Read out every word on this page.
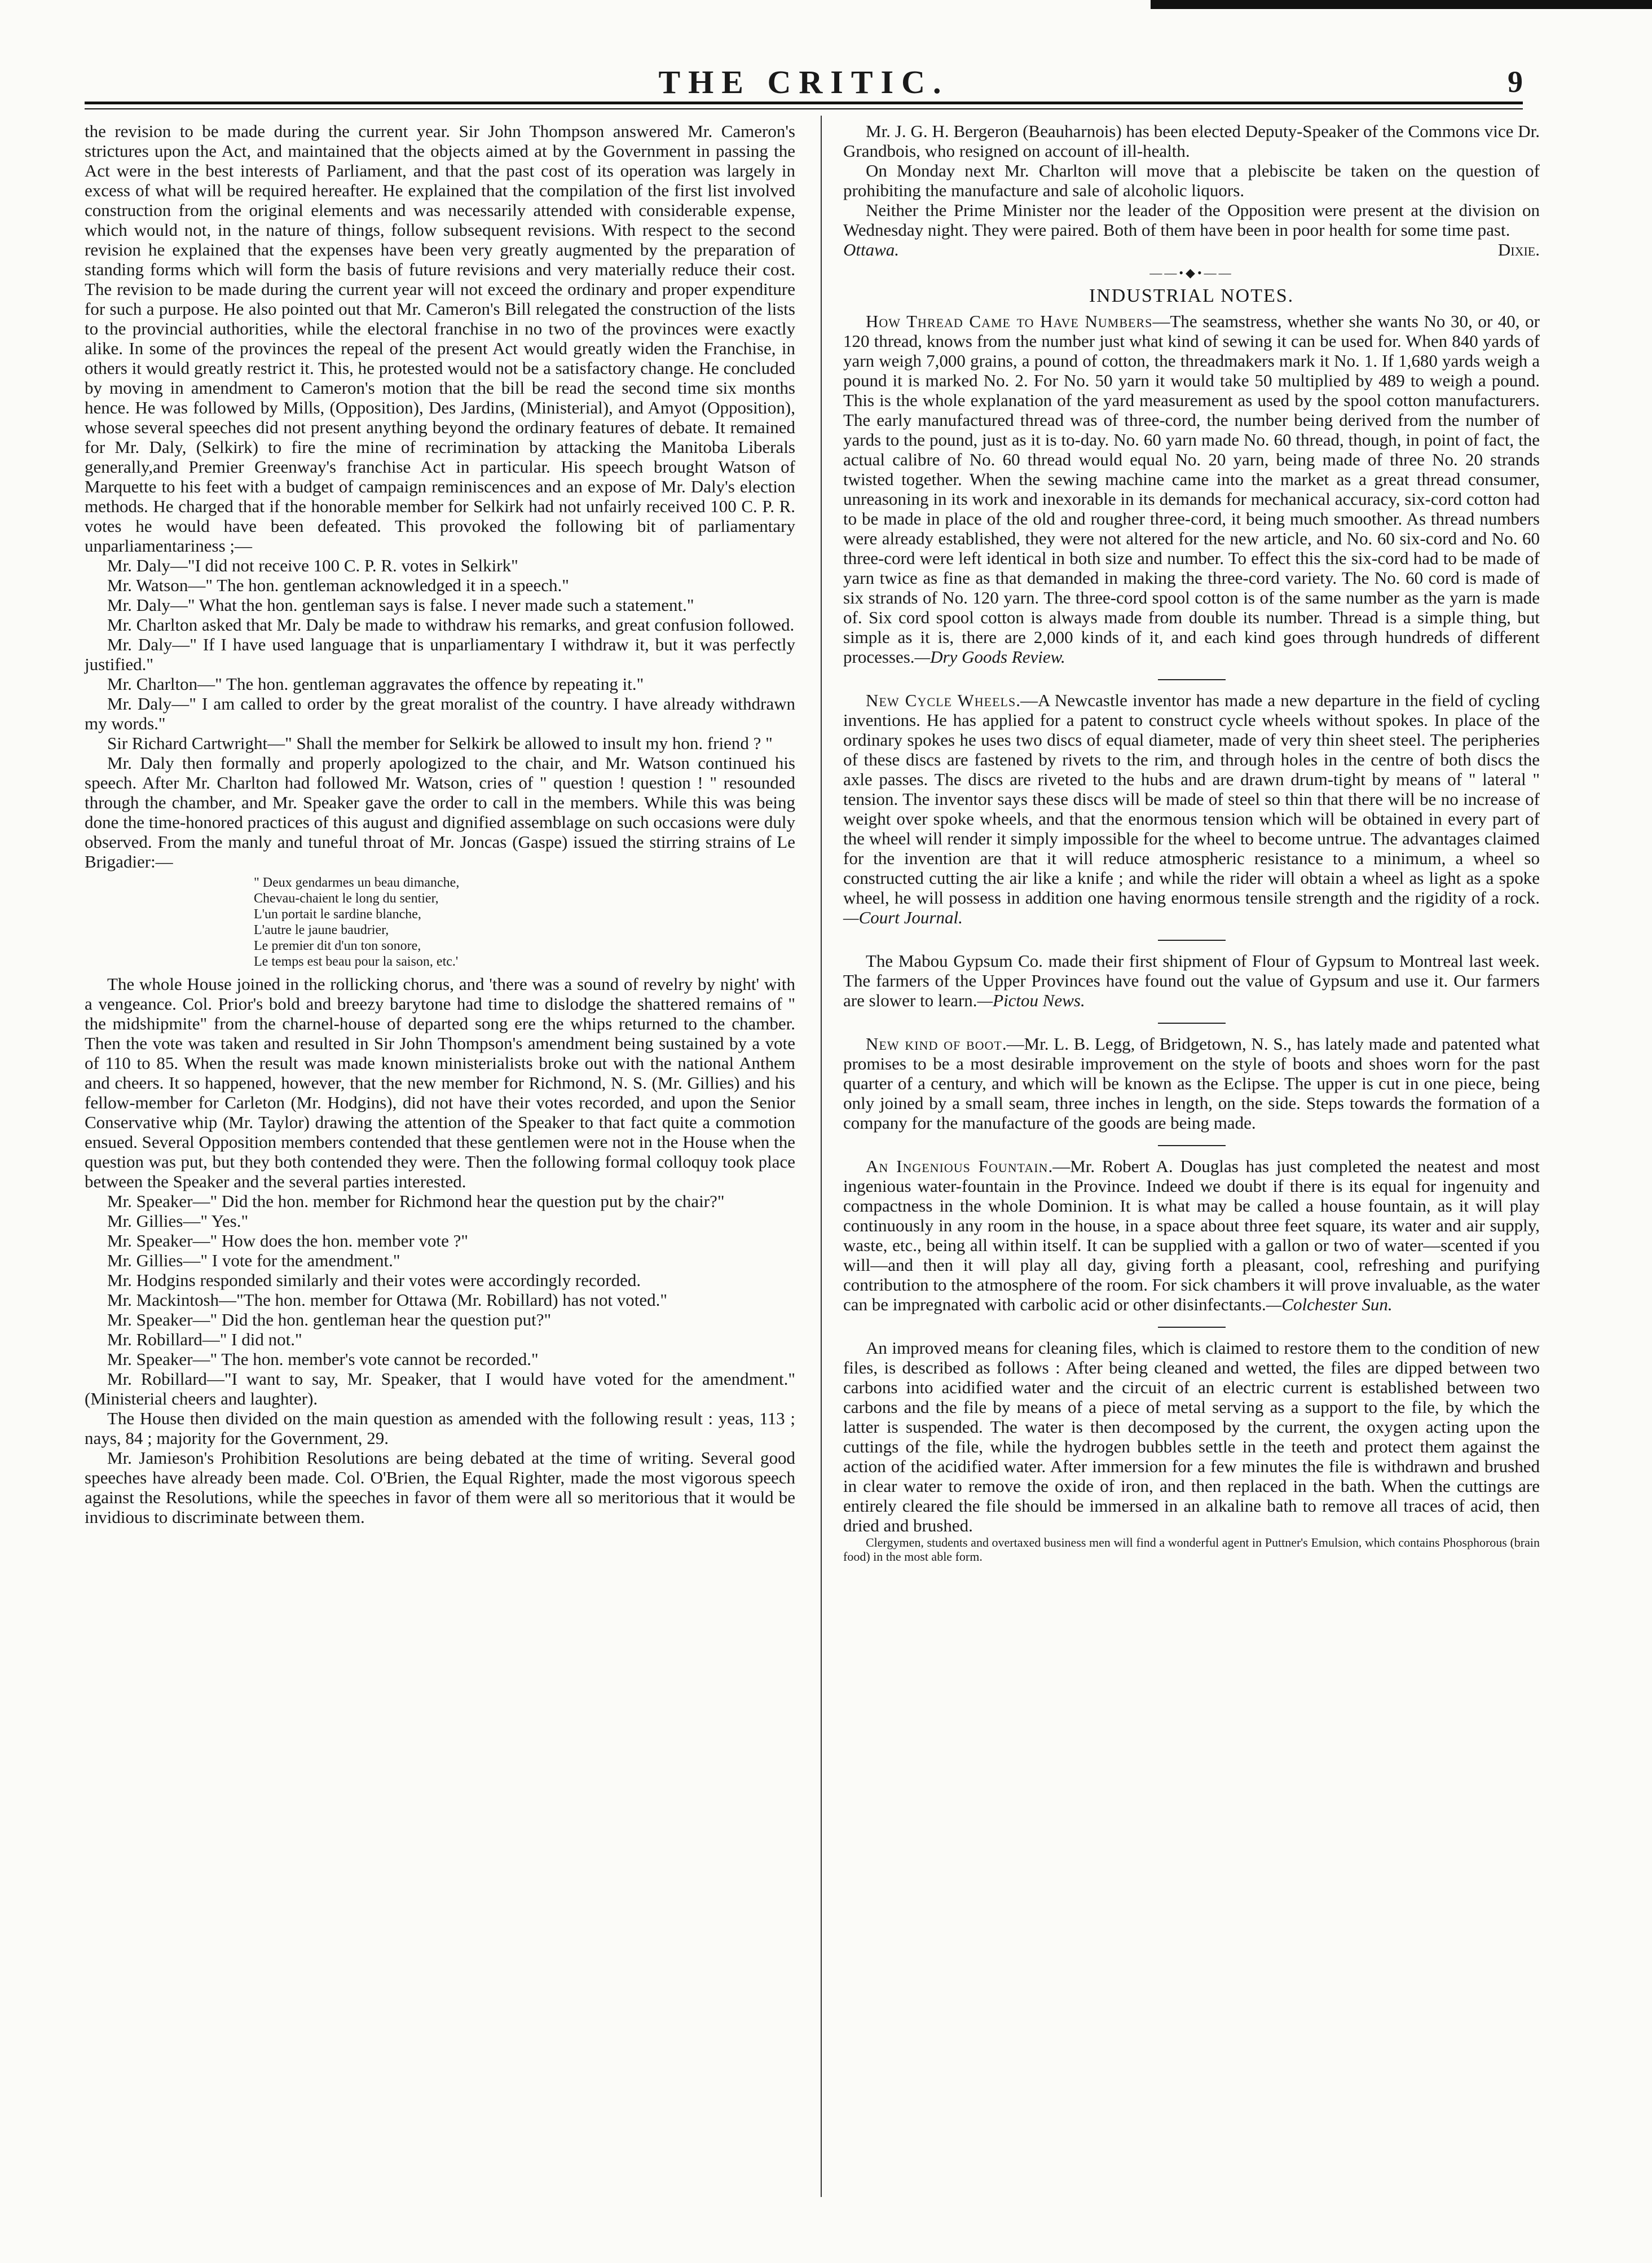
THE CRITIC.	9

the revision to be made during the current year. Sir John Thompson answered Mr. Cameron's strictures upon the Act, and maintained that the objects aimed at by the Government in passing the Act were in the best interests of Parliament, and that the past cost of its operation was largely in excess of what will be required hereafter. He explained that the compilation of the first list involved construction from the original elements and was necessarily attended with considerable expense, which would not, in the nature of things, follow subsequent revisions. With respect to the second revision he explained that the expenses have been very greatly augmented by the preparation of standing forms which will form the basis of future revisions and very materially reduce their cost. The revision to be made during the current year will not exceed the ordinary and proper expenditure for such a purpose. He also pointed out that Mr. Cameron's Bill relegated the construction of the lists to the provincial authorities, while the electoral franchise in no two of the provinces were exactly alike. In some of the provinces the repeal of the present Act would greatly widen the Franchise, in others it would greatly restrict it. This, he protested would not be a satisfactory change. He concluded by moving in amendment to Cameron's motion that the bill be read the second time six months hence. He was followed by Mills, (Opposition), Des Jardins, (Ministerial), and Amyot (Opposition), whose several speeches did not present anything beyond the ordinary features of debate. It remained for Mr. Daly, (Selkirk) to fire the mine of recrimination by attacking the Manitoba Liberals generally,and Premier Greenway's franchise Act in particular. His speech brought Watson of Marquette to his feet with a budget of campaign reminiscences and an expose of Mr. Daly's election methods. He charged that if the honorable member for Selkirk had not unfairly received 100 C. P. R. votes he would have been defeated. This provoked the following bit of parliamentary unparliamentariness ;—

Mr. Daly—"I did not receive 100 C. P. R. votes in Selkirk"

Mr. Watson—" The hon. gentleman acknowledged it in a speech."

Mr. Daly—" What the hon. gentleman says is false. I never made such a statement."

Mr. Charlton asked that Mr. Daly be made to withdraw his remarks, and great confusion followed.

Mr. Daly—" If I have used language that is unparliamentary I withdraw it, but it was perfectly justified."

Mr. Charlton—" The hon. gentleman aggravates the offence by repeating it."

Mr. Daly—" I am called to order by the great moralist of the country. I have already withdrawn my words."

Sir Richard Cartwright—" Shall the member for Selkirk be allowed to insult my hon. friend ? "

Mr. Daly then formally and properly apologized to the chair, and Mr. Watson continued his speech. After Mr. Charlton had followed Mr. Watson, cries of " question ! question ! " resounded through the chamber, and Mr. Speaker gave the order to call in the members. While this was being done the time-honored practices of this august and dignified assemblage on such occasions were duly observed. From the manly and tuneful throat of Mr. Joncas (Gaspe) issued the stirring strains of Le Brigadier:—

" Deux gendarmes un beau dimanche,
Chevau-chaient le long du sentier,
L'un portait le sardine blanche,
L'autre le jaune baudrier,
Le premier dit d'un ton sonore,
Le temps est beau pour la saison, etc.'

The whole House joined in the rollicking chorus, and 'there was a sound of revelry by night' with a vengeance. Col. Prior's bold and breezy barytone had time to dislodge the shattered remains of " the midshipmite" from the charnel-house of departed song ere the whips returned to the chamber. Then the vote was taken and resulted in Sir John Thompson's amendment being sustained by a vote of 110 to 85. When the result was made known ministerialists broke out with the national Anthem and cheers. It so happened, however, that the new member for Richmond, N. S. (Mr. Gillies) and his fellow-member for Carleton (Mr. Hodgins), did not have their votes recorded, and upon the Senior Conservative whip (Mr. Taylor) drawing the attention of the Speaker to that fact quite a commotion ensued. Several Opposition members contended that these gentlemen were not in the House when the question was put, but they both contended they were. Then the following formal colloquy took place between the Speaker and the several parties interested.

Mr. Speaker—" Did the hon. member for Richmond hear the question put by the chair?"

Mr. Gillies—" Yes."

Mr. Speaker—" How does the hon. member vote ?"

Mr. Gillies—" I vote for the amendment."

Mr. Hodgins responded similarly and their votes were accordingly recorded.

Mr. Mackintosh—"The hon. member for Ottawa (Mr. Robillard) has not voted."

Mr. Speaker—" Did the hon. gentleman hear the question put?"

Mr. Robillard—" I did not."

Mr. Speaker—" The hon. member's vote cannot be recorded."

Mr. Robillard—"I want to say, Mr. Speaker, that I would have voted for the amendment." (Ministerial cheers and laughter).

The House then divided on the main question as amended with the following result : yeas, 113 ; nays, 84 ; majority for the Government, 29.

Mr. Jamieson's Prohibition Resolutions are being debated at the time of writing. Several good speeches have already been made. Col. O'Brien, the Equal Righter, made the most vigorous speech against the Resolutions, while the speeches in favor of them were all so meritorious that it would be invidious to discriminate between them.

Mr. J. G. H. Bergeron (Beauharnois) has been elected Deputy-Speaker of the Commons vice Dr. Grandbois, who resigned on account of ill-health.

On Monday next Mr. Charlton will move that a plebiscite be taken on the question of prohibiting the manufacture and sale of alcoholic liquors.

Neither the Prime Minister nor the leader of the Opposition were present at the division on Wednesday night. They were paired. Both of them have been in poor health for some time past.

Ottawa.	Dixie.
——•◆•——
INDUSTRIAL NOTES.

How Thread Came to Have Numbers—The seamstress, whether she wants No 30, or 40, or 120 thread, knows from the number just what kind of sewing it can be used for. When 840 yards of yarn weigh 7,000 grains, a pound of cotton, the threadmakers mark it No. 1. If 1,680 yards weigh a pound it is marked No. 2. For No. 50 yarn it would take 50 multiplied by 489 to weigh a pound. This is the whole explanation of the yard measurement as used by the spool cotton manufacturers. The early manufactured thread was of three-cord, the number being derived from the number of yards to the pound, just as it is to-day. No. 60 yarn made No. 60 thread, though, in point of fact, the actual calibre of No. 60 thread would equal No. 20 yarn, being made of three No. 20 strands twisted together. When the sewing machine came into the market as a great thread consumer, unreasoning in its work and inexorable in its demands for mechanical accuracy, six-cord cotton had to be made in place of the old and rougher three-cord, it being much smoother. As thread numbers were already established, they were not altered for the new article, and No. 60 six-cord and No. 60 three-cord were left identical in both size and number. To effect this the six-cord had to be made of yarn twice as fine as that demanded in making the three-cord variety. The No. 60 cord is made of six strands of No. 120 yarn. The three-cord spool cotton is of the same number as the yarn is made of. Six cord spool cotton is always made from double its number. Thread is a simple thing, but simple as it is, there are 2,000 kinds of it, and each kind goes through hundreds of different processes.—Dry Goods Review.

New Cycle Wheels.—A Newcastle inventor has made a new departure in the field of cycling inventions. He has applied for a patent to construct cycle wheels without spokes. In place of the ordinary spokes he uses two discs of equal diameter, made of very thin sheet steel. The peripheries of these discs are fastened by rivets to the rim, and through holes in the centre of both discs the axle passes. The discs are riveted to the hubs and are drawn drum-tight by means of " lateral " tension. The inventor says these discs will be made of steel so thin that there will be no increase of weight over spoke wheels, and that the enormous tension which will be obtained in every part of the wheel will render it simply impossible for the wheel to become untrue. The advantages claimed for the invention are that it will reduce atmospheric resistance to a minimum, a wheel so constructed cutting the air like a knife ; and while the rider will obtain a wheel as light as a spoke wheel, he will possess in addition one having enormous tensile strength and the rigidity of a rock.—Court Journal.

The Mabou Gypsum Co. made their first shipment of Flour of Gypsum to Montreal last week. The farmers of the Upper Provinces have found out the value of Gypsum and use it. Our farmers are slower to learn.—Pictou News.

New kind of boot.—Mr. L. B. Legg, of Bridgetown, N. S., has lately made and patented what promises to be a most desirable improvement on the style of boots and shoes worn for the past quarter of a century, and which will be known as the Eclipse. The upper is cut in one piece, being only joined by a small seam, three inches in length, on the side. Steps towards the formation of a company for the manufacture of the goods are being made.

An Ingenious Fountain.—Mr. Robert A. Douglas has just completed the neatest and most ingenious water-fountain in the Province. Indeed we doubt if there is its equal for ingenuity and compactness in the whole Dominion. It is what may be called a house fountain, as it will play continuously in any room in the house, in a space about three feet square, its water and air supply, waste, etc., being all within itself. It can be supplied with a gallon or two of water—scented if you will—and then it will play all day, giving forth a pleasant, cool, refreshing and purifying contribution to the atmosphere of the room. For sick chambers it will prove invaluable, as the water can be impregnated with carbolic acid or other disinfectants.—Colchester Sun.

An improved means for cleaning files, which is claimed to restore them to the condition of new files, is described as follows : After being cleaned and wetted, the files are dipped between two carbons into acidified water and the circuit of an electric current is established between two carbons and the file by means of a piece of metal serving as a support to the file, by which the latter is suspended. The water is then decomposed by the current, the oxygen acting upon the cuttings of the file, while the hydrogen bubbles settle in the teeth and protect them against the action of the acidified water. After immersion for a few minutes the file is withdrawn and brushed in clear water to remove the oxide of iron, and then replaced in the bath. When the cuttings are entirely cleared the file should be immersed in an alkaline bath to remove all traces of acid, then dried and brushed.

Clergymen, students and overtaxed business men will find a wonderful agent in Puttner's Emulsion, which contains Phosphorous (brain food) in the most able form.
